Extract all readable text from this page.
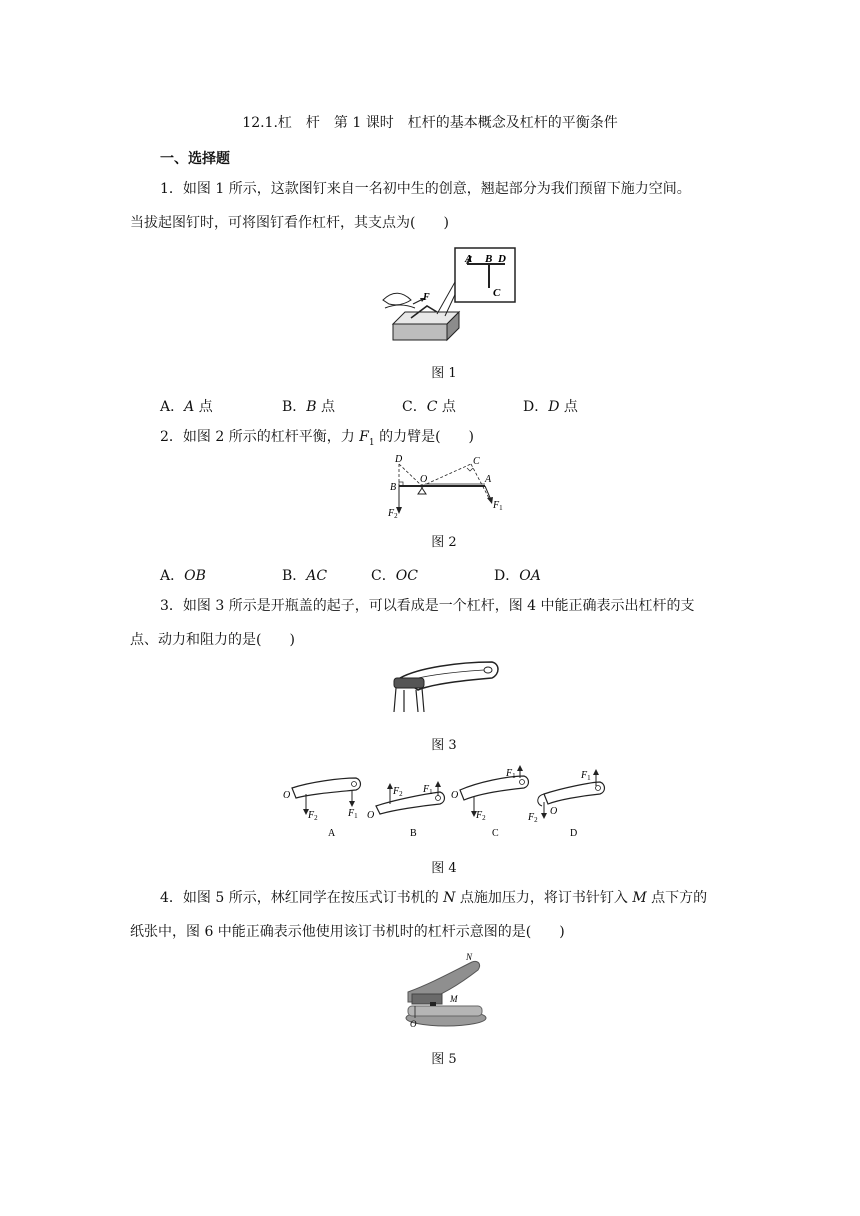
12.1.杠　杆　第 1 课时　杠杆的基本概念及杠杆的平衡条件
一、选择题
1．如图 1 所示，这款图钉来自一名初中生的创意，翘起部分为我们预留下施力空间。
当拔起图钉时，可将图钉看作杠杆，其支点为(　　)
F
A B D
C
图 1
A．A 点	B．B 点	C．C 点	D．D 点
2．如图 2 所示的杠杆平衡，力 $F_1$ 的力臂是(　　)
D
O
C
B
A
$F_1$
$F_2$
图 2
A．OB	B．AC	C．OC	D．OA
3．如图 3 所示是开瓶盖的起子，可以看成是一个杠杆，图 4 中能正确表示出杠杆的支
点、动力和阻力的是(　　)
图 3
O
$F_2$	$F_1$
A
O
$F_2$ $F_1$
B
O
$F_2$
$F_1$
C
O
$F_2$
$F_1$
D
图 4
4．如图 5 所示，林红同学在按压式订书机的 N 点施加压力，将订书针钉入 M 点下方的
纸张中，图 6 中能正确表示他使用该订书机时的杠杆示意图的是(　　)
N
M
O
图 5
